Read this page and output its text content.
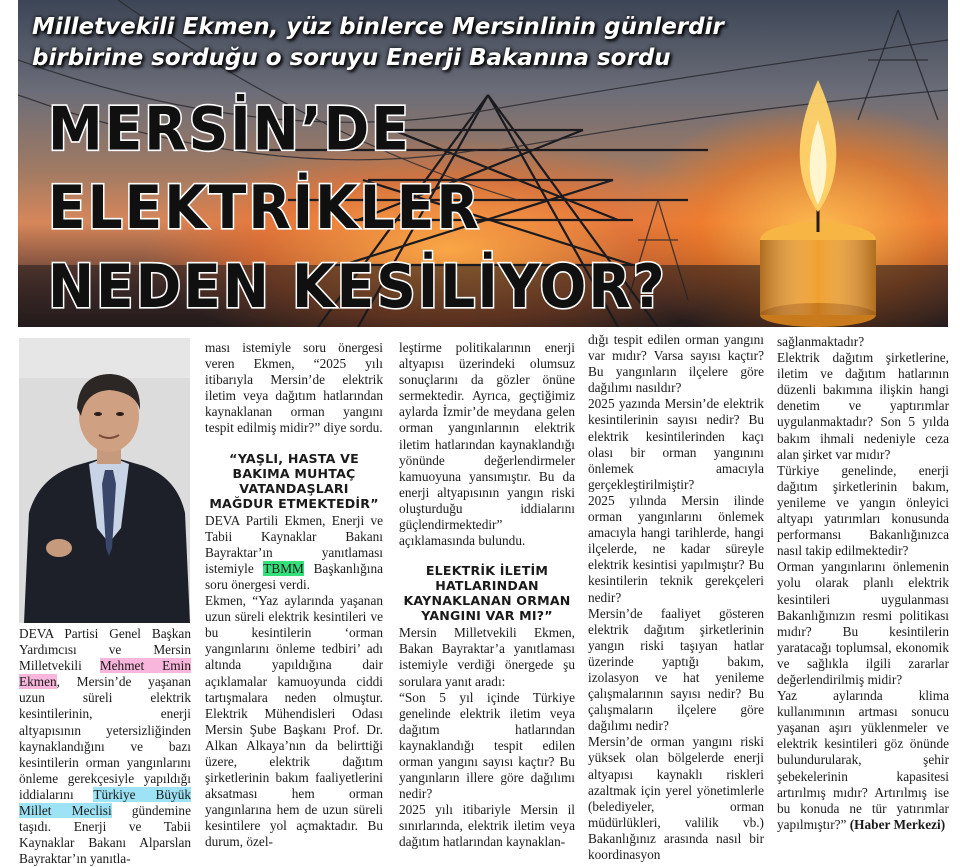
Milletvekili Ekmen, yüz binlerce Mersinlinin günlerdir birbirine sorduğu o soruyu Enerji Bakanına sordu
MERSİN’DE
ELEKTRİKLER
NEDEN KESİLİYOR?

DEVA Partisi Genel Başkan Yardımcısı ve Mersin Milletvekili Mehmet Emin Ekmen, Mersin’de yaşanan uzun süreli elektrik kesintilerinin, enerji altyapısının yetersizliğinden kaynaklandığını ve bazı kesintilerin orman yangınlarını önleme gerekçesiyle yapıldığı iddialarını Türkiye Büyük Millet Meclisi gündemine taşıdı. Enerji ve Tabii Kaynaklar Bakanı Alparslan Bayraktar’ın yanıtla-

ması istemiyle soru önergesi veren Ekmen, “2025 yılı itibarıyla Mersin’de elektrik iletim veya dağıtım hatlarından kaynaklanan orman yangını tespit edilmiş midir?” diye sordu.

“YAŞLI, HASTA VE BAKIMA MUHTAÇ VATANDAŞLARI MAĞDUR ETMEKTEDİR”

DEVA Partili Ekmen, Enerji ve Tabii Kaynaklar Bakanı Bayraktar’ın yanıtlaması istemiyle TBMM Başkanlığına soru önergesi verdi.

Ekmen, “Yaz aylarında yaşanan uzun süreli elektrik kesintileri ve bu kesintilerin ‘orman yangınlarını önleme tedbiri’ adı altında yapıldığına dair açıklamalar kamuoyunda ciddi tartışmalara neden olmuştur. Elektrik Mühendisleri Odası Mersin Şube Başkanı Prof. Dr. Alkan Alkaya’nın da belirttiği üzere, elektrik dağıtım şirketlerinin bakım faaliyetlerini aksatması hem orman yangınlarına hem de uzun süreli kesintilere yol açmaktadır. Bu durum, özel-

leştirme politikalarının enerji altyapısı üzerindeki olumsuz sonuçlarını da gözler önüne sermektedir. Ayrıca, geçtiğimiz aylarda İzmir’de meydana gelen orman yangınlarının elektrik iletim hatlarından kaynaklandığı yönünde değerlendirmeler kamuoyuna yansımıştır. Bu da enerji altyapısının yangın riski oluşturduğu iddialarını güçlendirmektedir” açıklamasında bulundu.

ELEKTRİK İLETİM HATLARINDAN KAYNAKLANAN ORMAN YANGINI VAR MI?”

Mersin Milletvekili Ekmen, Bakan Bayraktar’a yanıtlaması istemiyle verdiği önergede şu sorulara yanıt aradı:

“Son 5 yıl içinde Türkiye genelinde elektrik iletim veya dağıtım hatlarından kaynaklandığı tespit edilen orman yangını sayısı kaçtır? Bu yangınların illere göre dağılımı nedir?

2025 yılı itibariyle Mersin il sınırlarında, elektrik iletim veya dağıtım hatlarından kaynaklan-

dığı tespit edilen orman yangını var mıdır? Varsa sayısı kaçtır? Bu yangınların ilçelere göre dağılımı nasıldır?

2025 yazında Mersin’de elektrik kesintilerinin sayısı nedir? Bu elektrik kesintilerinden kaçı olası bir orman yangınını önlemek amacıyla gerçekleştirilmiştir?

2025 yılında Mersin ilinde orman yangınlarını önlemek amacıyla hangi tarihlerde, hangi ilçelerde, ne kadar süreyle elektrik kesintisi yapılmıştır? Bu kesintilerin teknik gerekçeleri nedir?

Mersin’de faaliyet gösteren elektrik dağıtım şirketlerinin yangın riski taşıyan hatlar üzerinde yaptığı bakım, izolasyon ve hat yenileme çalışmalarının sayısı nedir? Bu çalışmaların ilçelere göre dağılımı nedir?

Mersin’de orman yangını riski yüksek olan bölgelerde enerji altyapısı kaynaklı riskleri azaltmak için yerel yönetimlerle (belediyeler, orman müdürlükleri, valilik vb.) Bakanlığınız arasında nasıl bir koordinasyon

sağlanmaktadır?

Elektrik dağıtım şirketlerine, iletim ve dağıtım hatlarının düzenli bakımına ilişkin hangi denetim ve yaptırımlar uygulanmaktadır? Son 5 yılda bakım ihmali nedeniyle ceza alan şirket var mıdır?

Türkiye genelinde, enerji dağıtım şirketlerinin bakım, yenileme ve yangın önleyici altyapı yatırımları konusunda performansı Bakanlığınızca nasıl takip edilmektedir?

Orman yangınlarını önlemenin yolu olarak planlı elektrik kesintileri uygulanması Bakanlığınızın resmi politikası mıdır? Bu kesintilerin yaratacağı toplumsal, ekonomik ve sağlıkla ilgili zararlar değerlendirilmiş midir?

Yaz aylarında klima kullanımının artması sonucu yaşanan aşırı yüklenmeler ve elektrik kesintileri göz önünde bulundurularak, şehir şebekelerinin kapasitesi artırılmış mıdır? Artırılmış ise bu konuda ne tür yatırımlar yapılmıştır?” (Haber Merkezi)
